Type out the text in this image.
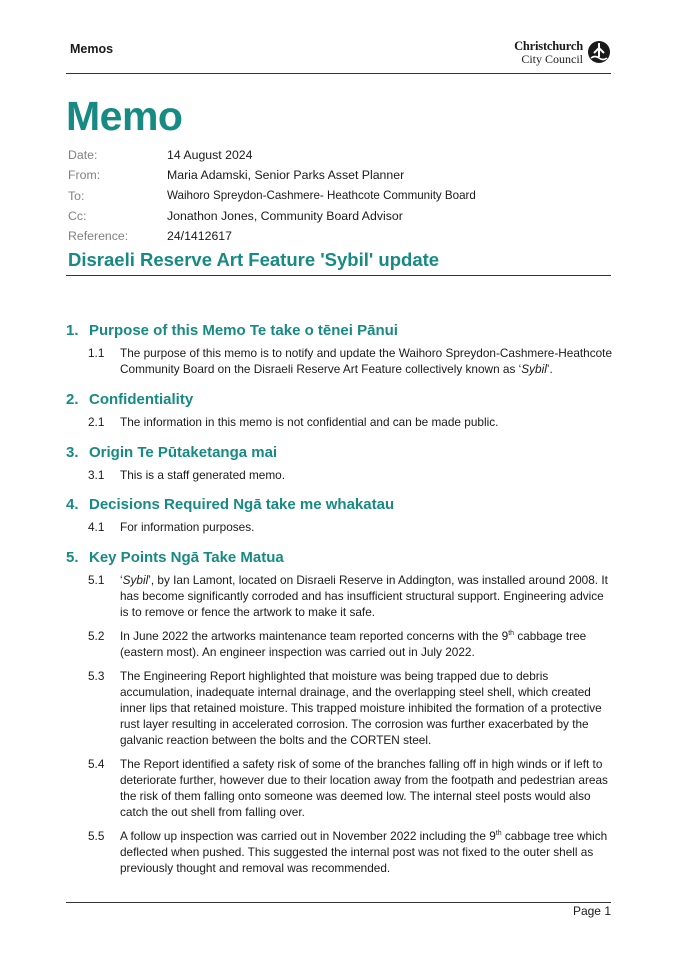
Memos	Christchurch
City Council
Memo
Date:	14 August 2024
From:	Maria Adamski, Senior Parks Asset Planner
To:	Waihoro Spreydon-Cashmere- Heathcote Community Board
Cc:	Jonathon Jones, Community Board Advisor
Reference:	24/1412617
Disraeli Reserve Art Feature 'Sybil' update
1. Purpose of this Memo Te take o tēnei Pānui
1.1	The purpose of this memo is to notify and update the Waihoro Spreydon-Cashmere-Heathcote Community Board on the Disraeli Reserve Art Feature collectively known as ‘Sybil’.
2. Confidentiality
2.1	The information in this memo is not confidential and can be made public.
3. Origin Te Pūtaketanga mai
3.1	This is a staff generated memo.
4. Decisions Required Ngā take me whakatau
4.1	For information purposes.
5. Key Points Ngā Take Matua
5.1	‘Sybil’, by Ian Lamont, located on Disraeli Reserve in Addington, was installed around 2008. It has become significantly corroded and has insufficient structural support. Engineering advice is to remove or fence the artwork to make it safe.
5.2	In June 2022 the artworks maintenance team reported concerns with the 9th cabbage tree (eastern most). An engineer inspection was carried out in July 2022.
5.3	The Engineering Report highlighted that moisture was being trapped due to debris accumulation, inadequate internal drainage, and the overlapping steel shell, which created inner lips that retained moisture. This trapped moisture inhibited the formation of a protective rust layer resulting in accelerated corrosion. The corrosion was further exacerbated by the galvanic reaction between the bolts and the CORTEN steel.
5.4	The Report identified a safety risk of some of the branches falling off in high winds or if left to deteriorate further, however due to their location away from the footpath and pedestrian areas the risk of them falling onto someone was deemed low. The internal steel posts would also catch the out shell from falling over.
5.5	A follow up inspection was carried out in November 2022 including the 9th cabbage tree which deflected when pushed. This suggested the internal post was not fixed to the outer shell as previously thought and removal was recommended.
Page 1
